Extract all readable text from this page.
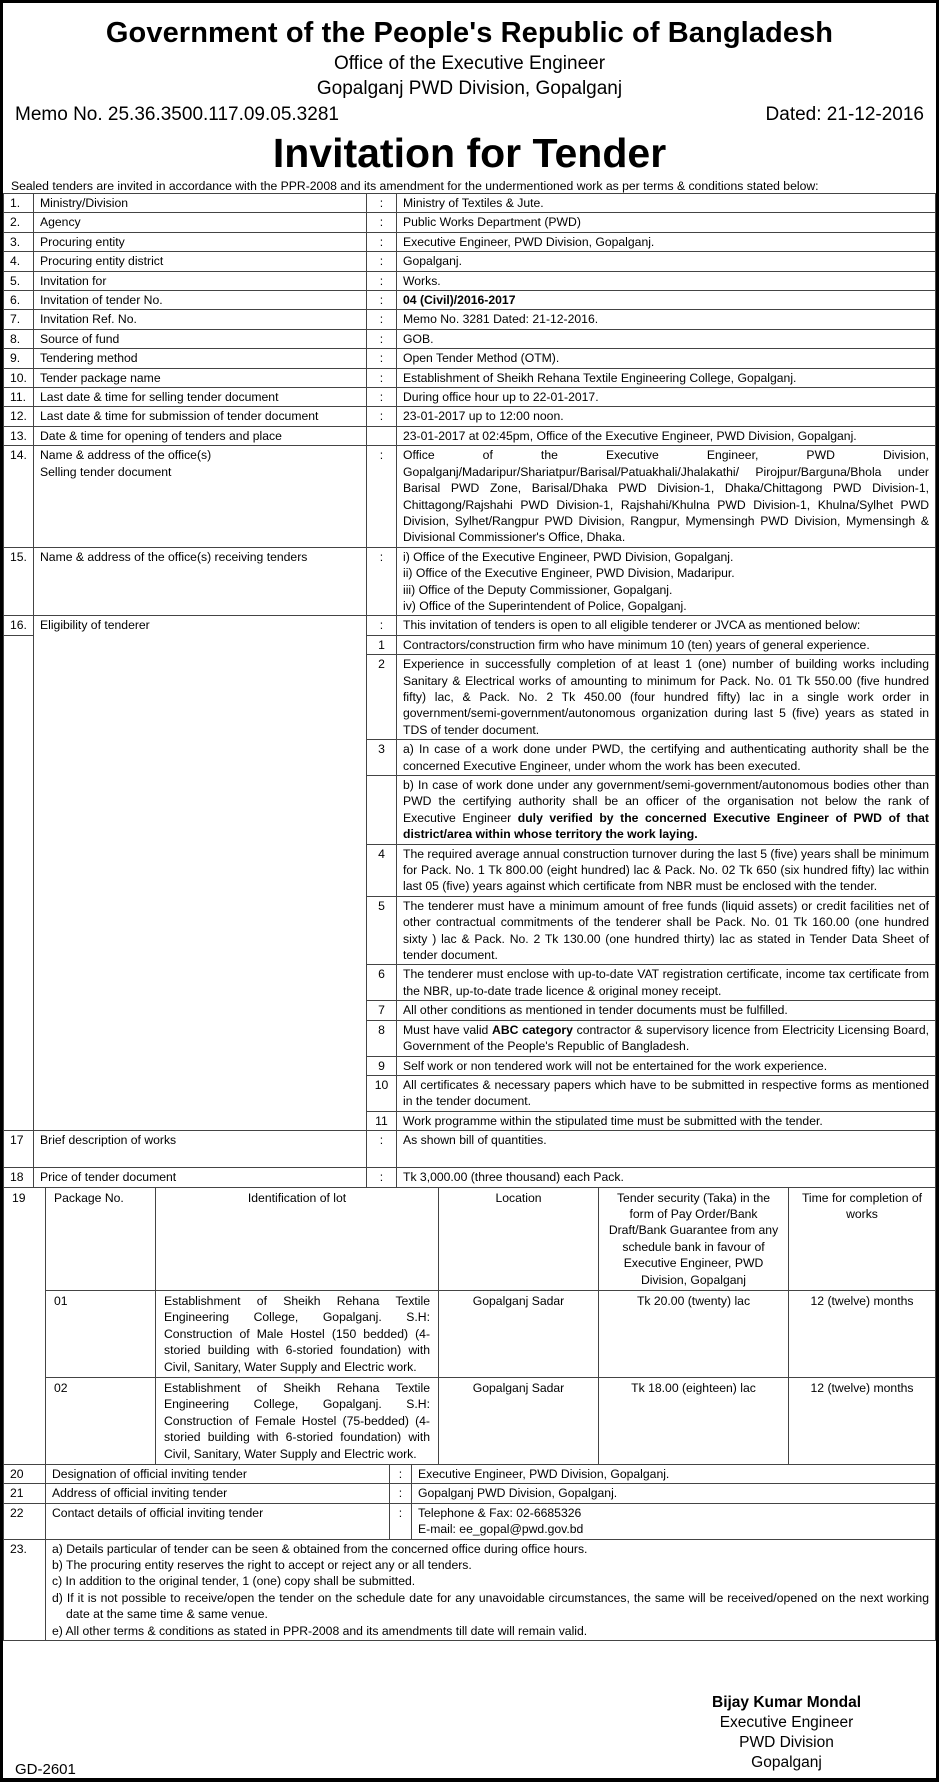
Government of the People's Republic of Bangladesh
Office of the Executive Engineer
Gopalganj PWD Division, Gopalganj
Memo No. 25.36.3500.117.09.05.3281	Dated: 21-12-2016
Invitation for Tender
Sealed tenders are invited in accordance with the PPR-2008 and its amendment for the undermentioned work as per terms & conditions stated below:
1.	Ministry/Division	:	Ministry of Textiles & Jute.
2.	Agency	:	Public Works Department (PWD)
3.	Procuring entity	:	Executive Engineer, PWD Division, Gopalganj.
4.	Procuring entity district	:	Gopalganj.
5.	Invitation for	:	Works.
6.	Invitation of tender No.	:	04 (Civil)/2016-2017
7.	Invitation Ref. No.	:	Memo No. 3281 Dated: 21-12-2016.
8.	Source of fund	:	GOB.
9.	Tendering method	:	Open Tender Method (OTM).
10.	Tender package name	:	Establishment of Sheikh Rehana Textile Engineering College, Gopalganj.
11.	Last date & time for selling tender document	:	During office hour up to 22-01-2017.
12.	Last date & time for submission of tender document	:	23-01-2017 up to 12:00 noon.
13.	Date & time for opening of tenders and place		23-01-2017 at 02:45pm, Office of the Executive Engineer, PWD Division, Gopalganj.
14.	Name & address of the office(s)
Selling tender document	:	Office of the Executive Engineer, PWD Division, Gopalganj/Madaripur/Shariatpur/Barisal/Patuakhali/Jhalakathi/ Pirojpur/Barguna/Bhola under Barisal PWD Zone, Barisal/Dhaka PWD Division-1, Dhaka/Chittagong PWD Division-1, Chittagong/Rajshahi PWD Division-1, Rajshahi/Khulna PWD Division-1, Khulna/Sylhet PWD Division, Sylhet/Rangpur PWD Division, Rangpur, Mymensingh PWD Division, Mymensingh & Divisional Commissioner's Office, Dhaka.
15.	Name & address of the office(s) receiving tenders	:	i) Office of the Executive Engineer, PWD Division, Gopalganj.
ii) Office of the Executive Engineer, PWD Division, Madaripur.
iii) Office of the Deputy Commissioner, Gopalganj.
iv) Office of the Superintendent of Police, Gopalganj.

16.	Eligibility of tenderer	:	This invitation of tenders is open to all eligible tenderer or JVCA as mentioned below:
		1	Contractors/construction firm who have minimum 10 (ten) years of general experience.
		2	Experience in successfully completion of at least 1 (one) number of building works including Sanitary & Electrical works of amounting to minimum for Pack. No. 01 Tk 550.00 (five hundred fifty) lac, & Pack. No. 2 Tk 450.00 (four hundred fifty) lac in a single work order in government/semi-government/autonomous organization during last 5 (five) years as stated in TDS of tender document.
		3	a) In case of a work done under PWD, the certifying and authenticating authority shall be the concerned Executive Engineer, under whom the work has been executed.
			b) In case of work done under any government/semi-government/autonomous bodies other than PWD the certifying authority shall be an officer of the organisation not below the rank of Executive Engineer duly verified by the concerned Executive Engineer of PWD of that district/area within whose territory the work laying.
		4	The required average annual construction turnover during the last 5 (five) years shall be minimum for Pack. No. 1 Tk 800.00 (eight hundred) lac & Pack. No. 02 Tk 650 (six hundred fifty) lac within last 05 (five) years against which certificate from NBR must be enclosed with the tender.
		5	The tenderer must have a minimum amount of free funds (liquid assets) or credit facilities net of other contractual commitments of the tenderer shall be Pack. No. 01 Tk 160.00 (one hundred sixty ) lac & Pack. No. 2 Tk 130.00 (one hundred thirty) lac as stated in Tender Data Sheet of tender document.
		6	The tenderer must enclose with up-to-date VAT registration certificate, income tax certificate from the NBR, up-to-date trade licence & original money receipt.
		7	All other conditions as mentioned in tender documents must be fulfilled.
		8	Must have valid ABC category contractor & supervisory licence from Electricity Licensing Board, Government of the People's Republic of Bangladesh.
		9	Self work or non tendered work will not be entertained for the work experience.
		10	All certificates & necessary papers which have to be submitted in respective forms as mentioned in the tender document.
		11	Work programme within the stipulated time must be submitted with the tender.
17	Brief description of works	:	As shown bill of quantities.
18	Price of tender document	:	Tk 3,000.00 (three thousand) each Pack.
19	Package No.	Identification of lot	Location	Tender security (Taka) in the form of Pay Order/Bank Draft/Bank Guarantee from any schedule bank in favour of Executive Engineer, PWD Division, Gopalganj	Time for completion of works
	01	Establishment of Sheikh Rehana Textile Engineering College, Gopalganj. S.H: Construction of Male Hostel (150 bedded) (4-storied building with 6-storied foundation) with Civil, Sanitary, Water Supply and Electric work.	Gopalganj Sadar	Tk 20.00 (twenty) lac	12 (twelve) months
	02	Establishment of Sheikh Rehana Textile Engineering College, Gopalganj. S.H: Construction of Female Hostel (75-bedded) (4-storied building with 6-storied foundation) with Civil, Sanitary, Water Supply and Electric work.	Gopalganj Sadar	Tk 18.00 (eighteen) lac	12 (twelve) months
20	Designation of official inviting tender	:	Executive Engineer, PWD Division, Gopalganj.
21	Address of official inviting tender	:	Gopalganj PWD Division, Gopalganj.
22	Contact details of official inviting tender	:	Telephone & Fax: 02-6685326
E-mail: ee_gopal@pwd.gov.bd

23.	a) Details particular of tender can be seen & obtained from the concerned office during office hours.
b) The procuring entity reserves the right to accept or reject any or all tenders.
c) In addition to the original tender, 1 (one) copy shall be submitted.
d) If it is not possible to receive/open the tender on the schedule date for any unavoidable circumstances, the same will be received/opened on the next working date at the same time & same venue.
e) All other terms & conditions as stated in PPR-2008 and its amendments till date will remain valid.		
Bijay Kumar Mondal
Executive Engineer
PWD Division
Gopalganj
GD-2601
